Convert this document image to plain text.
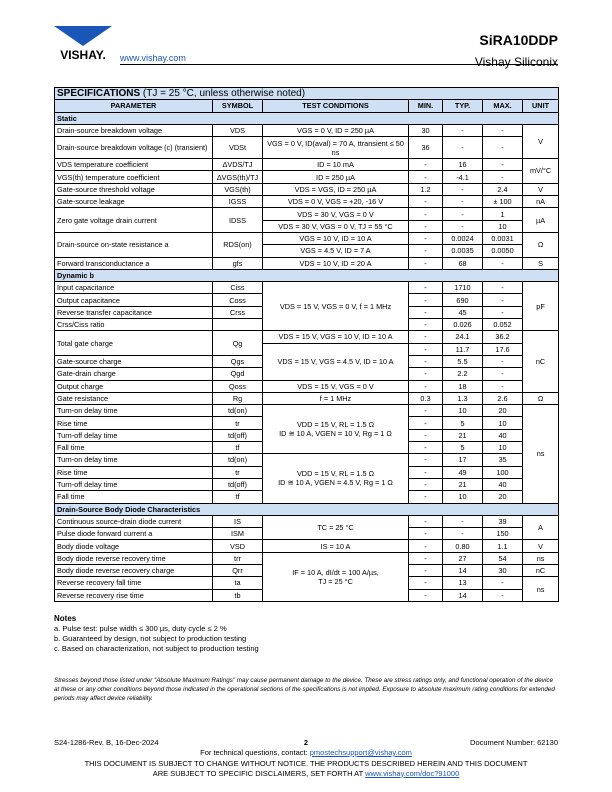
VISHAY. www.vishay.com
SiRA10DDP
Vishay Siliconix
SPECIFICATIONS (TJ = 25 °C, unless otherwise noted)						
PARAMETER	SYMBOL	TEST CONDITIONS	MIN.	TYP.	MAX.	UNIT
Static						
Drain-source breakdown voltage	VDS	VGS = 0 V, ID = 250 µA	30	-	-	V
Drain-source breakdown voltage (c) (transient)	VDSt	VGS = 0 V, ID(aval) = 70 A, ttransient ≤ 50 ns	36	-	-	
VDS temperature coefficient	ΔVDS/TJ	ID = 10 mA	-	16	-	mV/°C
VGS(th) temperature coefficient	ΔVGS(th)/TJ	ID = 250 µA	-	-4.1	-	
Gate-source threshold voltage	VGS(th)	VDS = VGS, ID = 250 µA	1.2	-	2.4	V
Gate-source leakage	IGSS	VDS = 0 V, VGS = +20, -16 V	-	-	± 100	nA
Zero gate voltage drain current	IDSS	VDS = 30 V, VGS = 0 V	-	-	1	µA
		VDS = 30 V, VGS = 0 V, TJ = 55 °C	-	-	10	
Drain-source on-state resistance a	RDS(on)	VGS = 10 V, ID = 10 A	-	0.0024	0.0031	Ω
		VGS = 4.5 V, ID = 7 A	-	0.0035	0.0050	
Forward transconductance a	gfs	VDS = 10 V, ID = 20 A	-	68	-	S
Dynamic b						
Input capacitance	Ciss	VDS = 15 V, VGS = 0 V, f = 1 MHz	-	1710	-	pF
Output capacitance	Coss		-	690	-	
Reverse transfer capacitance	Crss		-	45	-	
Crss/Ciss ratio			-	0.026	0.052	
Total gate charge	Qg	VDS = 15 V, VGS = 10 V, ID = 10 A	-	24.1	36.2	nC
		VDS = 15 V, VGS = 4.5 V, ID = 10 A	-	11.7	17.6	
Gate-source charge	Qgs		-	5.5	-	
Gate-drain charge	Qgd		-	2.2	-	
Output charge	Qoss	VDS = 15 V, VGS = 0 V	-	18	-	
Gate resistance	Rg	f = 1 MHz	0.3	1.3	2.6	Ω
Turn-on delay time	td(on)	VDD = 15 V, RL = 1.5 Ω
ID ≅ 10 A, VGEN = 10 V, Rg = 1 Ω	-	10	20	ns
Rise time	tr		-	5	10	
Turn-off delay time	td(off)		-	21	40	
Fall time	tf		-	5	10	
Turn-on delay time	td(on)	VDD = 15 V, RL = 1.5 Ω
ID ≅ 10 A, VGEN = 4.5 V, Rg = 1 Ω	-	17	35	
Rise time	tr		-	49	100	
Turn-off delay time	td(off)		-	21	40	
Fall time	tf		-	10	20	
Drain-Source Body Diode Characteristics						
Continuous source-drain diode current	IS	TC = 25 °C	-	-	39	A
Pulse diode forward current a	ISM		-	-	150	
Body diode voltage	VSD	IS = 10 A	-	0.80	1.1	V
Body diode reverse recovery time	trr	IF = 10 A, dI/dt = 100 A/µs,
TJ = 25 °C	-	27	54	ns
Body diode reverse recovery charge	Qrr		-	14	30	nC
Reverse recovery fall time	ta		-	13	-	ns
Reverse recovery rise time	tb		-	14	-	
Notes
a. Pulse test: pulse width ≤ 300 µs, duty cycle ≤ 2 %
b. Guaranteed by design, not subject to production testing
c. Based on characterization, not subject to production testing
Stresses beyond those listed under “Absolute Maximum Ratings” may cause permanent damage to the device. These are stress ratings only, and functional operation of the device at these or any other conditions beyond those indicated in the operational sections of the specifications is not implied. Exposure to absolute maximum rating conditions for extended periods may affect device reliability.
S24-1286-Rev. B, 16-Dec-2024	2	Document Number: 62130
For technical questions, contact: pmostechsupport@vishay.com
THIS DOCUMENT IS SUBJECT TO CHANGE WITHOUT NOTICE. THE PRODUCTS DESCRIBED HEREIN AND THIS DOCUMENT
ARE SUBJECT TO SPECIFIC DISCLAIMERS, SET FORTH AT www.vishay.com/doc?91000
